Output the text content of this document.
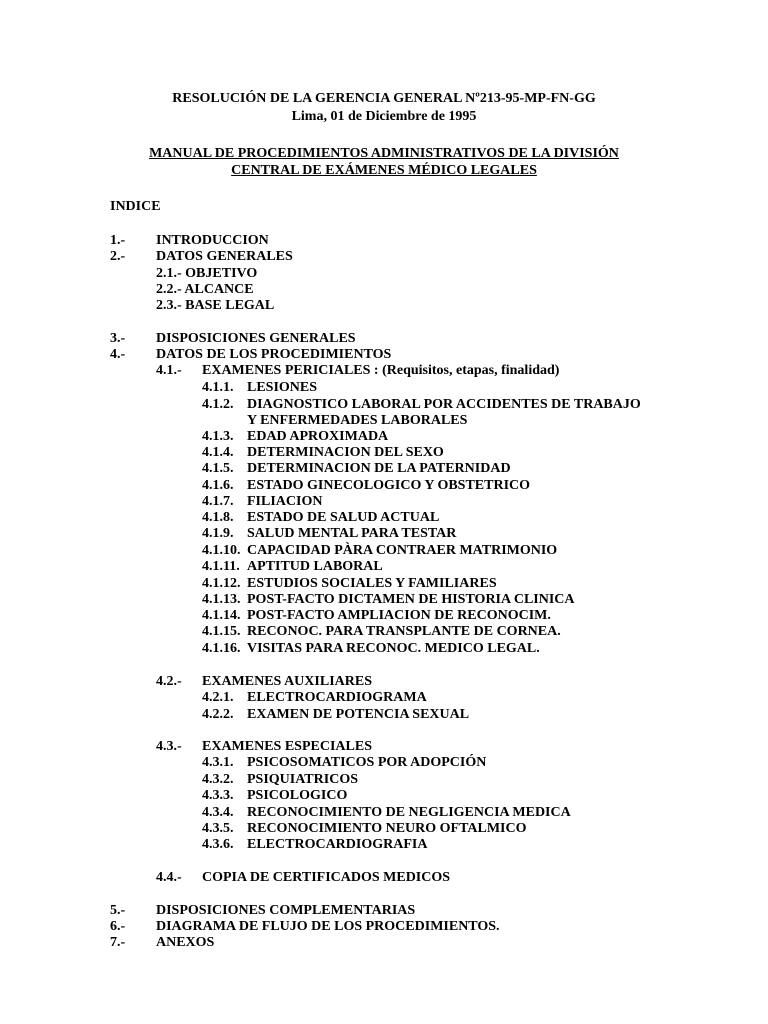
RESOLUCIÓN DE LA GERENCIA GENERAL Nº213-95-MP-FN-GG
Lima, 01 de Diciembre de 1995
MANUAL DE PROCEDIMIENTOS ADMINISTRATIVOS DE LA DIVISIÓN
CENTRAL DE EXÁMENES MÉDICO LEGALES
INDICE
1.- INTRODUCCION
2.- DATOS GENERALES
2.1.- OBJETIVO
2.2.- ALCANCE
2.3.- BASE LEGAL
3.- DISPOSICIONES GENERALES
4.- DATOS DE LOS PROCEDIMIENTOS
4.1.- EXAMENES PERICIALES : (Requisitos, etapas, finalidad)
4.1.1. LESIONES
4.1.2. DIAGNOSTICO LABORAL POR ACCIDENTES DE TRABAJO
Y ENFERMEDADES LABORALES
4.1.3. EDAD APROXIMADA
4.1.4. DETERMINACION DEL SEXO
4.1.5. DETERMINACION DE LA PATERNIDAD
4.1.6. ESTADO GINECOLOGICO Y OBSTETRICO
4.1.7. FILIACION
4.1.8. ESTADO DE SALUD ACTUAL
4.1.9. SALUD MENTAL PARA TESTAR
4.1.10. CAPACIDAD PÀRA CONTRAER MATRIMONIO
4.1.11. APTITUD LABORAL
4.1.12. ESTUDIOS SOCIALES Y FAMILIARES
4.1.13. POST-FACTO DICTAMEN DE HISTORIA CLINICA
4.1.14. POST-FACTO AMPLIACION DE RECONOCIM.
4.1.15. RECONOC. PARA TRANSPLANTE DE CORNEA.
4.1.16. VISITAS PARA RECONOC. MEDICO LEGAL.
4.2.- EXAMENES AUXILIARES
4.2.1. ELECTROCARDIOGRAMA
4.2.2. EXAMEN DE POTENCIA SEXUAL
4.3.- EXAMENES ESPECIALES
4.3.1. PSICOSOMATICOS POR ADOPCIÓN
4.3.2. PSIQUIATRICOS
4.3.3. PSICOLOGICO
4.3.4. RECONOCIMIENTO DE NEGLIGENCIA MEDICA
4.3.5. RECONOCIMIENTO NEURO OFTALMICO
4.3.6. ELECTROCARDIOGRAFIA
4.4.- COPIA DE CERTIFICADOS MEDICOS
5.- DISPOSICIONES COMPLEMENTARIAS
6.- DIAGRAMA DE FLUJO DE LOS PROCEDIMIENTOS.
7.- ANEXOS
